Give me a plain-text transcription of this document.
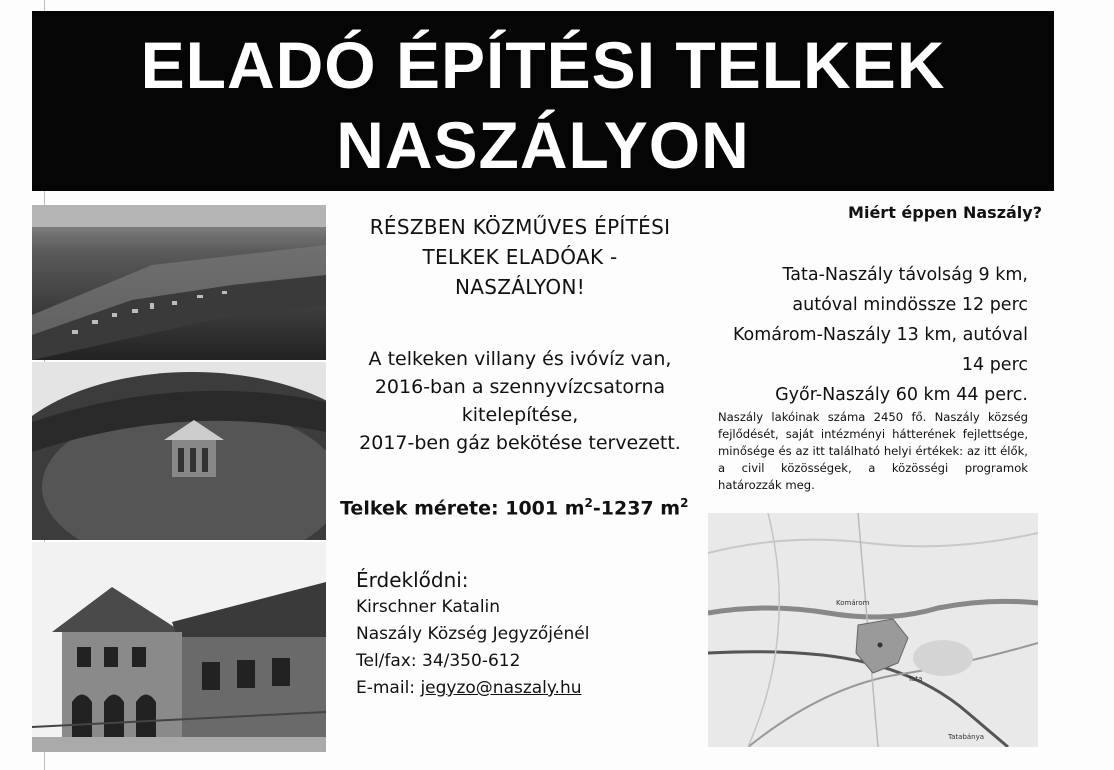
ELADÓ ÉPÍTÉSI TELKEK
NASZÁLYON
RÉSZBEN KÖZMŰVES ÉPÍTÉSI
TELKEK ELADÓAK -
NASZÁLYON!
A telkeken villany és ivóvíz van,
2016-ban a szennyvízcsatorna
kitelepítése,
2017-ben gáz bekötése tervezett.
Telkek mérete: 1001 $m^2-1237$ $m^2$
Érdeklődni:
Kirschner Katalin
Naszály Község Jegyzőjénél
Tel/fax: 34/350-612
E-mail: jegyzo@naszaly.hu
Miért éppen Naszály?
Tata-Naszály távolság 9 km,
autóval mindössze 12 perc
Komárom-Naszály 13 km, autóval
14 perc
Győr-Naszály 60 km 44 perc.
Naszály lakóinak száma 2450 fő. Naszály község fejlődését, saját intézményi hátterének fejlettsége, minősége és az itt található helyi értékek: az itt élők, a civil közösségek, a közösségi programok határozzák meg.
Komárom
Tata
Tatabánya
